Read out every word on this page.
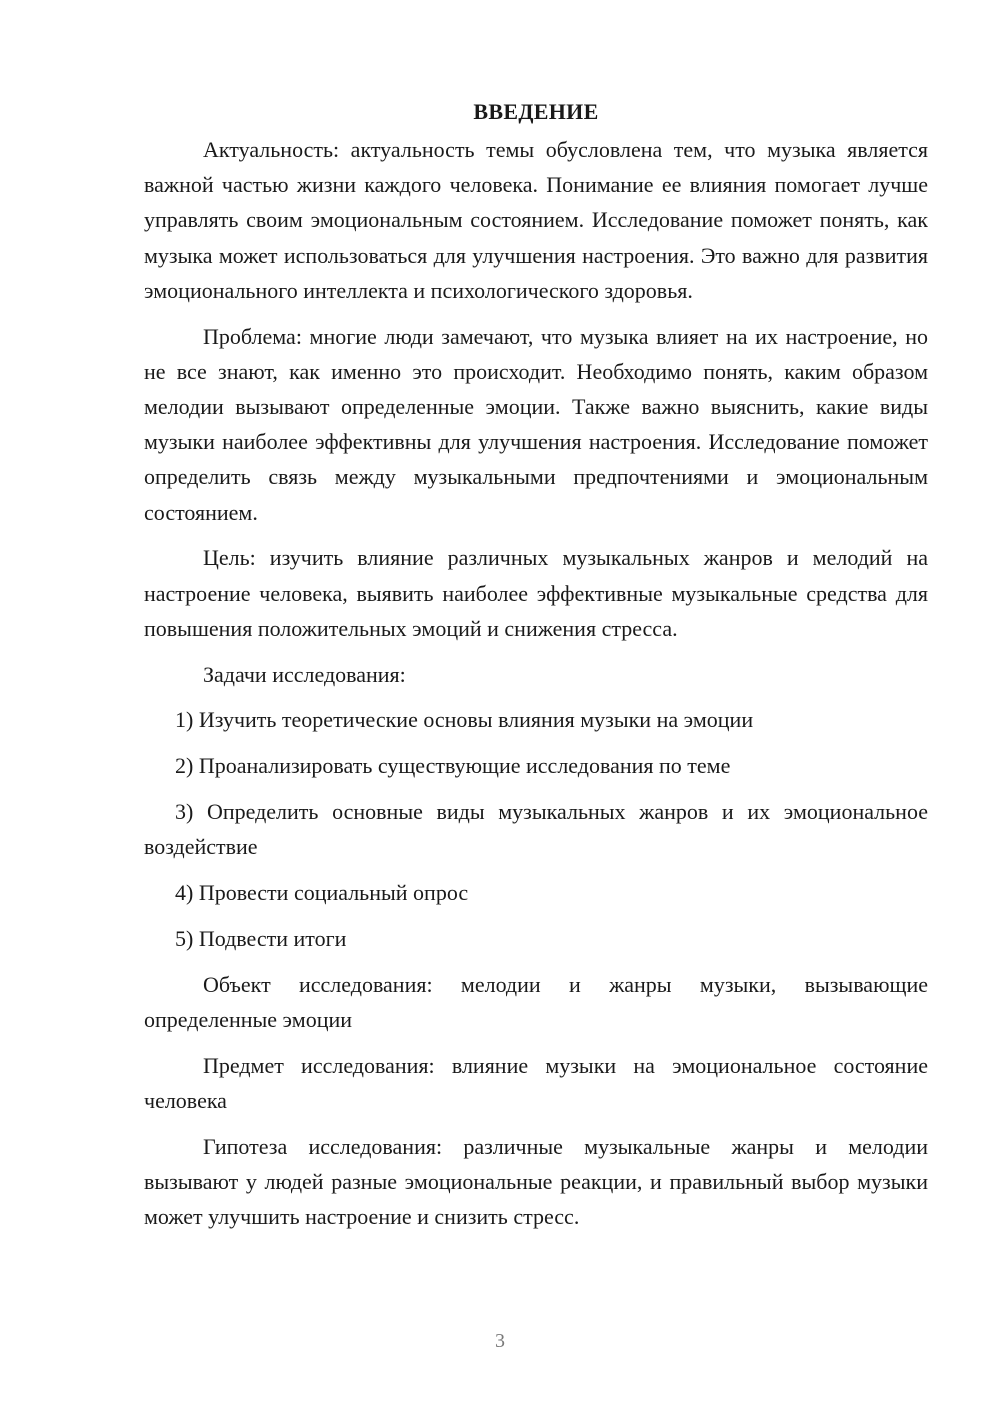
ВВЕДЕНИЕ

Актуальность: актуальность темы обусловлена тем, что музыка является важной частью жизни каждого человека. Понимание ее влияния помогает лучше управлять своим эмоциональным состоянием. Исследование поможет понять, как музыка может использоваться для улучшения настроения. Это важно для развития эмоционального интеллекта и психологического здоровья.

Проблема: многие люди замечают, что музыка влияет на их настроение, но не все знают, как именно это происходит. Необходимо понять, каким образом мелодии вызывают определенные эмоции. Также важно выяснить, какие виды музыки наиболее эффективны для улучшения настроения. Исследование поможет определить связь между музыкальными предпочтениями и эмоциональным состоянием.

Цель: изучить влияние различных музыкальных жанров и мелодий на настроение человека, выявить наиболее эффективные музыкальные средства для повышения положительных эмоций и снижения стресса.

Задачи исследования:

1) Изучить теоретические основы влияния музыки на эмоции

2) Проанализировать существующие исследования по теме

3) Определить основные виды музыкальных жанров и их эмоциональное воздействие

4) Провести социальный опрос

5) Подвести итоги

Объект исследования: мелодии и жанры музыки, вызывающие определенные эмоции

Предмет исследования: влияние музыки на эмоциональное состояние человека

Гипотеза исследования: различные музыкальные жанры и мелодии вызывают у людей разные эмоциональные реакции, и правильный выбор музыки может улучшить настроение и снизить стресс.

3
